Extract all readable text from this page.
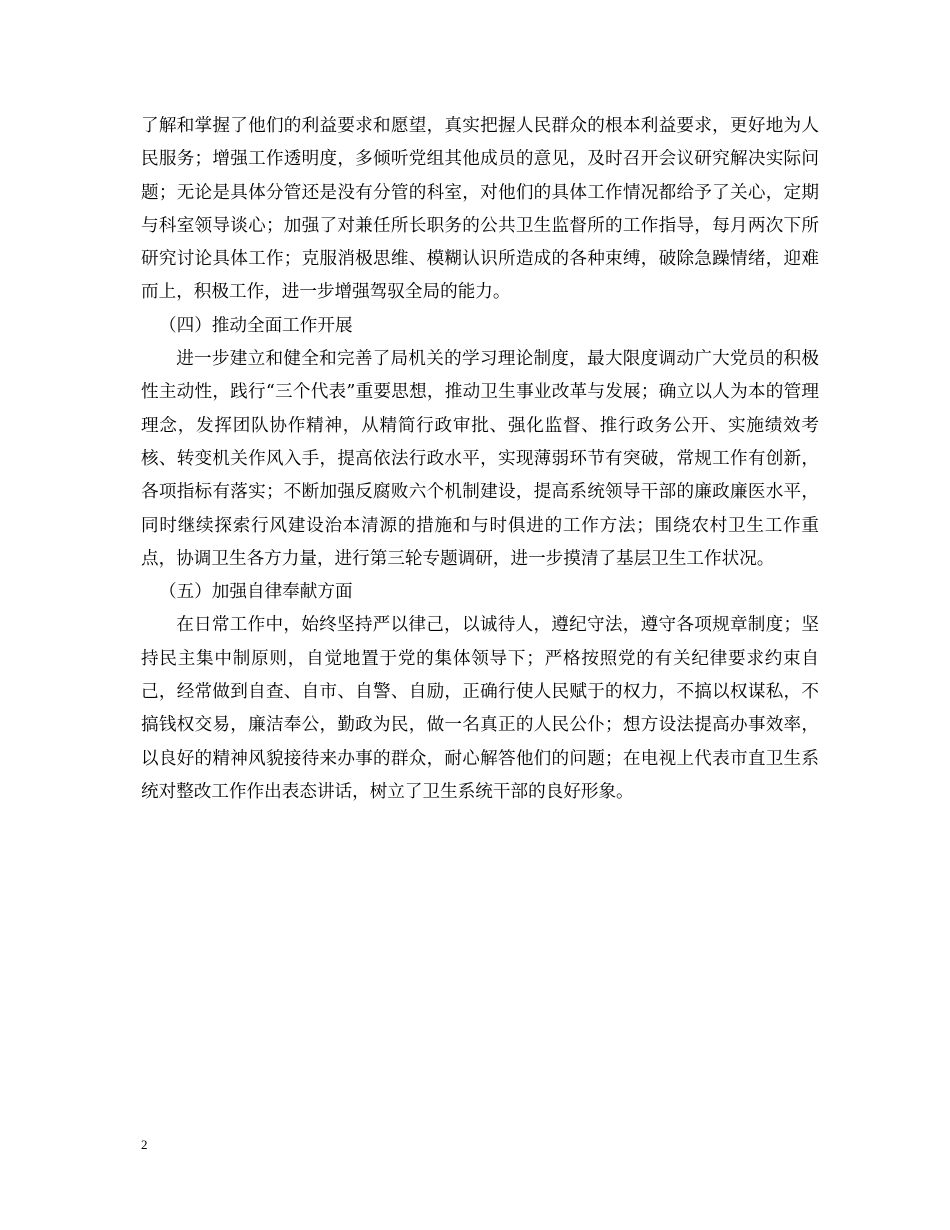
了解和掌握了他们的利益要求和愿望，真实把握人民群众的根本利益要求，更好地为人民服务；增强工作透明度，多倾听党组其他成员的意见，及时召开会议研究解决实际问题；无论是具体分管还是没有分管的科室，对他们的具体工作情况都给予了关心，定期与科室领导谈心；加强了对兼任所长职务的公共卫生监督所的工作指导，每月两次下所研究讨论具体工作；克服消极思维、模糊认识所造成的各种束缚，破除急躁情绪，迎难而上，积极工作，进一步增强驾驭全局的能力。

（四）推动全面工作开展

进一步建立和健全和完善了局机关的学习理论制度，最大限度调动广大党员的积极性主动性，践行“三个代表”重要思想，推动卫生事业改革与发展；确立以人为本的管理理念，发挥团队协作精神，从精简行政审批、强化监督、推行政务公开、实施绩效考核、转变机关作风入手，提高依法行政水平，实现薄弱环节有突破，常规工作有创新，各项指标有落实；不断加强反腐败六个机制建设，提高系统领导干部的廉政廉医水平，同时继续探索行风建设治本清源的措施和与时俱进的工作方法；围绕农村卫生工作重点，协调卫生各方力量，进行第三轮专题调研，进一步摸清了基层卫生工作状况。

（五）加强自律奉献方面

在日常工作中，始终坚持严以律己，以诚待人，遵纪守法，遵守各项规章制度；坚持民主集中制原则，自觉地置于党的集体领导下；严格按照党的有关纪律要求约束自己，经常做到自查、自市、自警、自励，正确行使人民赋于的权力，不搞以权谋私，不搞钱权交易，廉洁奉公，勤政为民，做一名真正的人民公仆；想方设法提高办事效率，以良好的精神风貌接待来办事的群众，耐心解答他们的问题；在电视上代表市直卫生系统对整改工作作出表态讲话，树立了卫生系统干部的良好形象。

2
